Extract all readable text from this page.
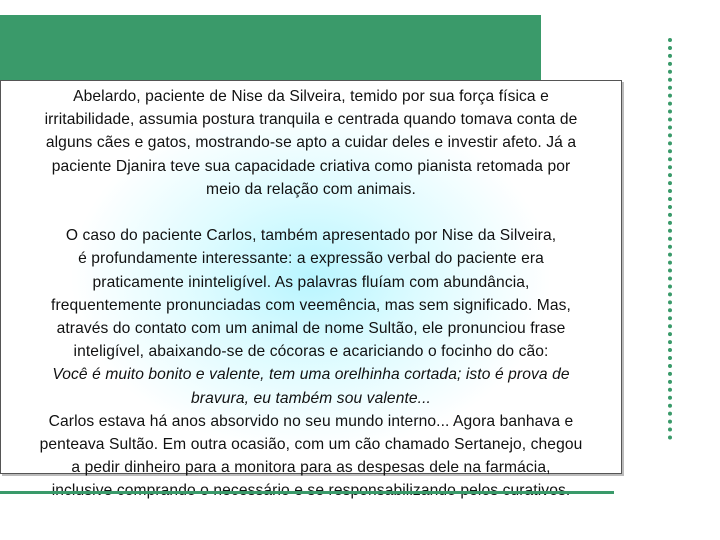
Abelardo, paciente de Nise da Silveira, temido por sua força física e
irritabilidade, assumia postura tranquila e centrada quando tomava conta de
alguns cães e gatos, mostrando-se apto a cuidar deles e investir afeto. Já a
paciente Djanira teve sua capacidade criativa como pianista retomada por
meio da relação com animais.
O caso do paciente Carlos, também apresentado por Nise da Silveira,
é profundamente interessante: a expressão verbal do paciente era
praticamente ininteligível. As palavras fluíam com abundância,
frequentemente pronunciadas com veemência, mas sem significado. Mas,
através do contato com um animal de nome Sultão, ele pronunciou frase
inteligível, abaixando-se de cócoras e acariciando o focinho do cão:
Você é muito bonito e valente, tem uma orelhinha cortada; isto é prova de
bravura, eu também sou valente...
Carlos estava há anos absorvido no seu mundo interno... Agora banhava e
penteava Sultão. Em outra ocasião, com um cão chamado Sertanejo, chegou
a pedir dinheiro para a monitora para as despesas dele na farmácia,
